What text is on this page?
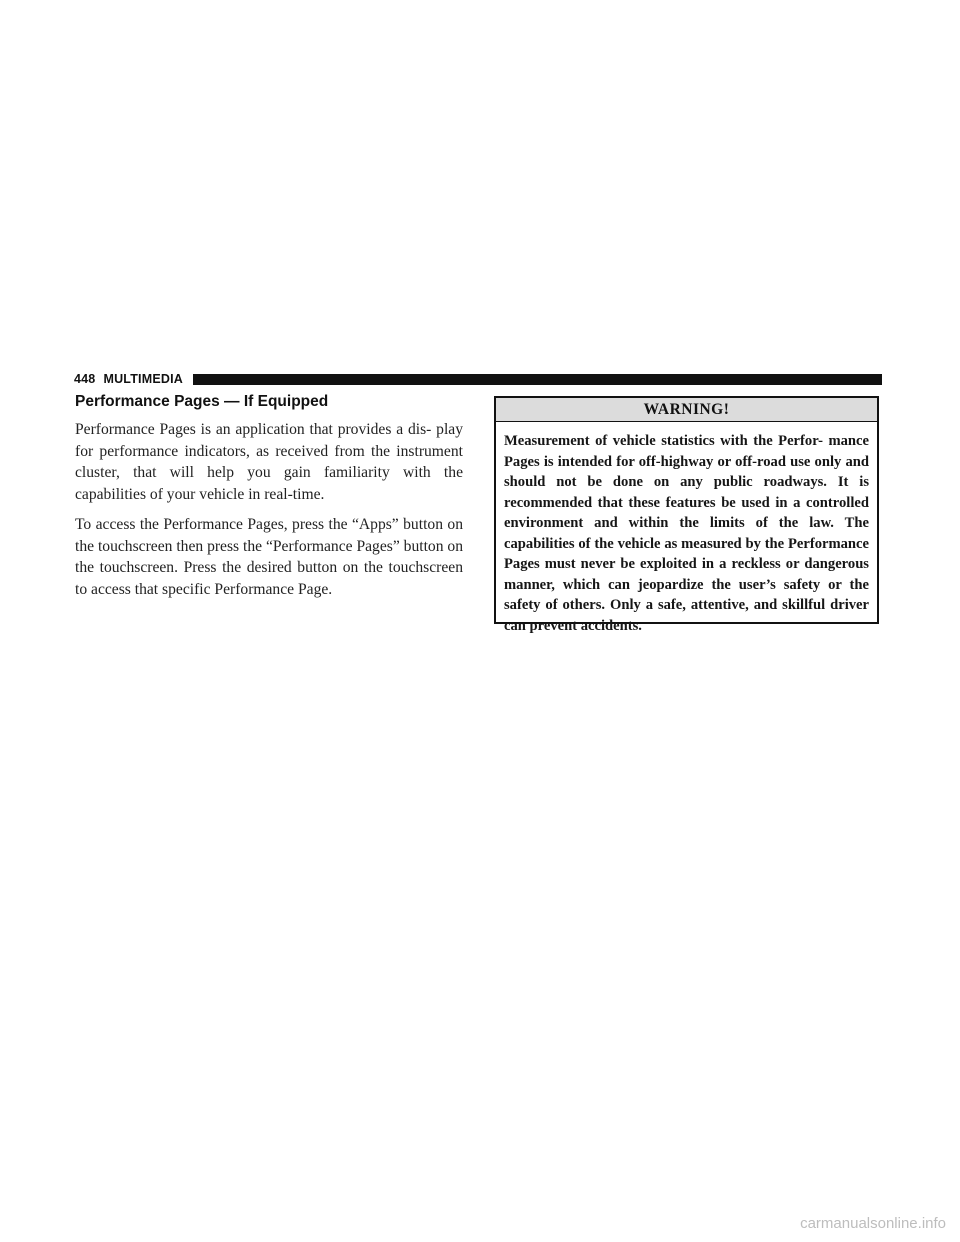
448 MULTIMEDIA
Performance Pages — If Equipped

Performance Pages is an application that provides a dis- play for performance indicators, as received from the instrument cluster, that will help you gain familiarity with the capabilities of your vehicle in real-time.

To access the Performance Pages, press the “Apps” button on the touchscreen then press the “Performance Pages” button on the touchscreen. Press the desired button on the touchscreen to access that specific Performance Page.

WARNING!
Measurement of vehicle statistics with the Perfor- mance Pages is intended for off-highway or off-road use only and should not be done on any public roadways. It is recommended that these features be used in a controlled environment and within the limits of the law. The capabilities of the vehicle as measured by the Performance Pages must never be exploited in a reckless or dangerous manner, which can jeopardize the user’s safety or the safety of others. Only a safe, attentive, and skillful driver can prevent accidents.
carmanualsonline.info
